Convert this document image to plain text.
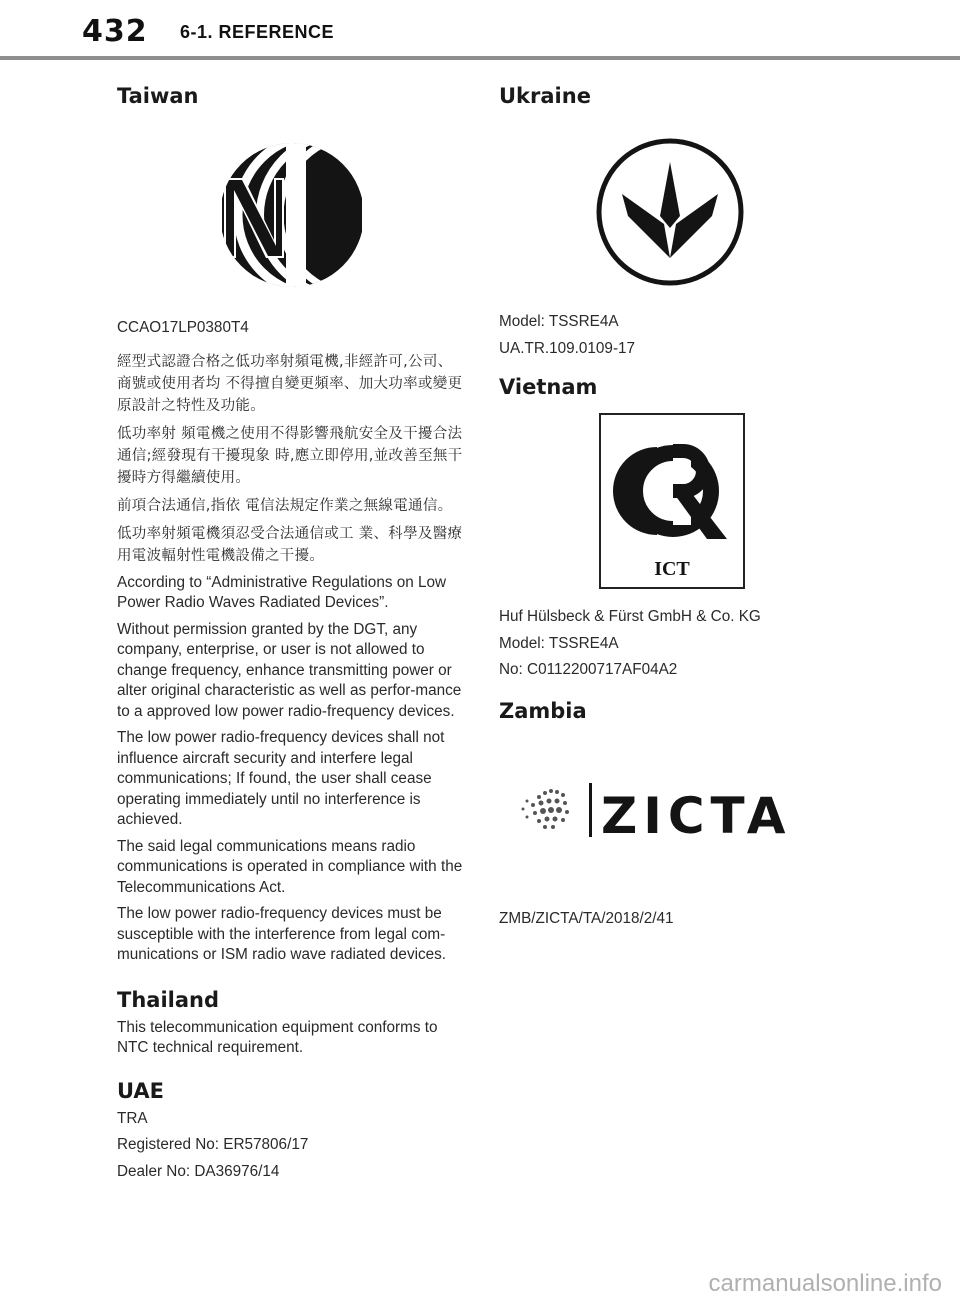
432 6-1. REFERENCE
Taiwan

CCAO17LP0380T4

經型式認證合格之低功率射頻電機,非經許可,公司、商號或使用者均 不得擅自變更頻率、加大功率或變更原設計之特性及功能。

低功率射 頻電機之使用不得影響飛航安全及干擾合法通信;經發現有干擾現象 時,應立即停用,並改善至無干擾時方得繼續使用。

前項合法通信,指依 電信法規定作業之無線電通信。

低功率射頻電機須忍受合法通信或工 業、科學及醫療用電波輻射性電機設備之干擾。

According to “Administrative Regulations on Low Power Radio Waves Radiated Devices”.

Without permission granted by the DGT, any company, enterprise, or user is not allowed to change frequency, enhance transmitting power or alter original characteristic as well as perfor-mance to a approved low power radio-frequency devices.

The low power radio-frequency devices shall not influence aircraft security and interfere legal communications; If found, the user shall cease operating immediately until no interference is achieved.

The said legal communications means radio communications is operated in compliance with the Telecommunications Act.

The low power radio-frequency devices must be susceptible with the interference from legal com-munications or ISM radio wave radiated devices.

Thailand

This telecommunication equipment conforms to NTC technical requirement.

UAE

TRA

Registered No: ER57806/17

Dealer No: DA36976/14

Ukraine

Model: TSSRE4A

UA.TR.109.0109-17

Vietnam
ICT

Huf Hülsbeck & Fürst GmbH & Co. KG

Model: TSSRE4A

No: C0112200717AF04A2

Zambia
ZICTA

ZMB/ZICTA/TA/2018/2/41

carmanualsonline.info
